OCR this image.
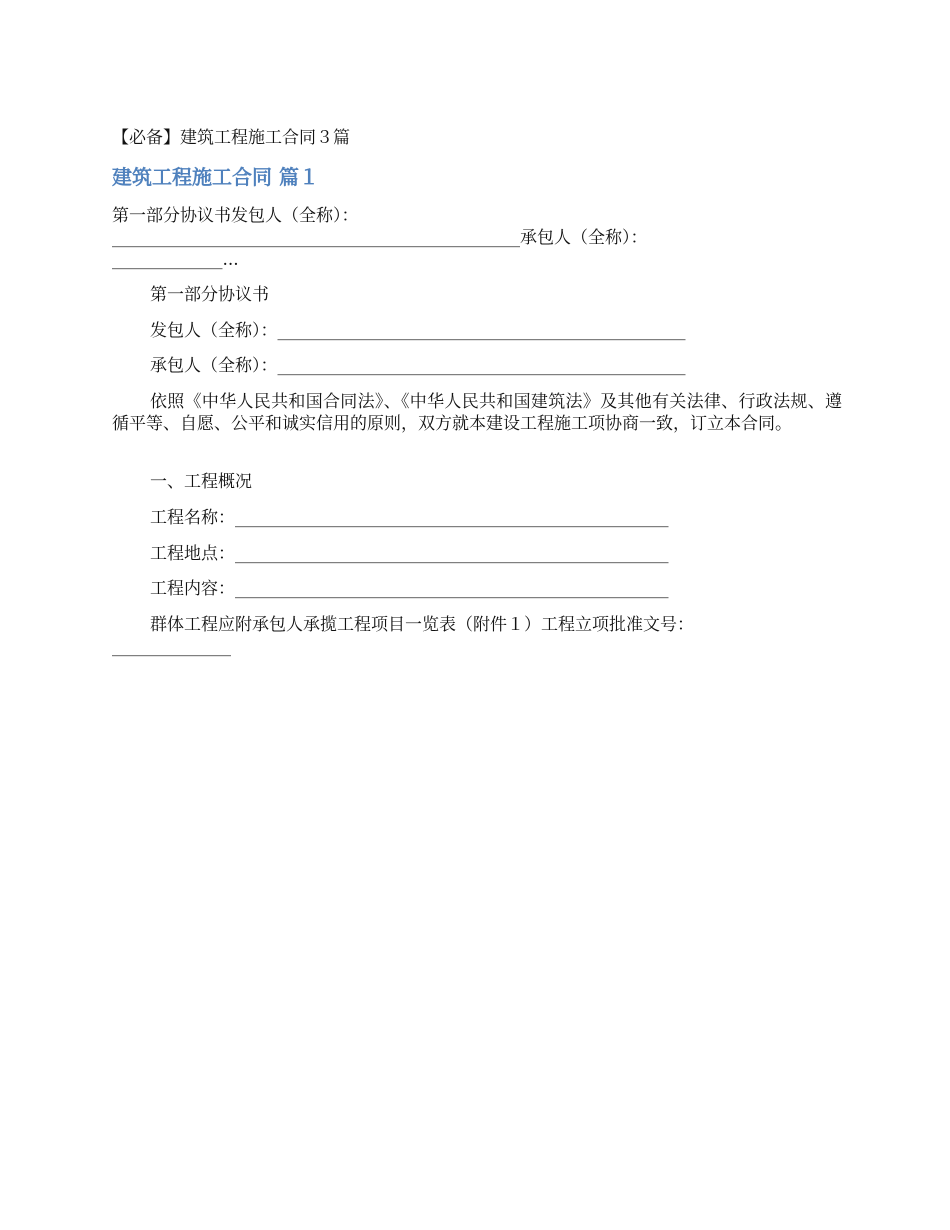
【必备】建筑工程施工合同３篇
建筑工程施工合同 篇１
第一部分协议书发包人（全称）：
________________________________________________承包人（全称）：
_____________...
第一部分协议书
发包人（全称）：________________________________________________
承包人（全称）：________________________________________________

依照《中华人民共和国合同法》、《中华人民共和国建筑法》及其他有关法律、行政法规、遵循平等、自愿、公平和诚实信用的原则，双方就本建设工程施工项协商一致，订立本合同。

一、工程概况
工程名称：___________________________________________________
工程地点：___________________________________________________
工程内容：___________________________________________________
群体工程应附承包人承揽工程项目一览表（附件１）工程立项批准文号：
______________
